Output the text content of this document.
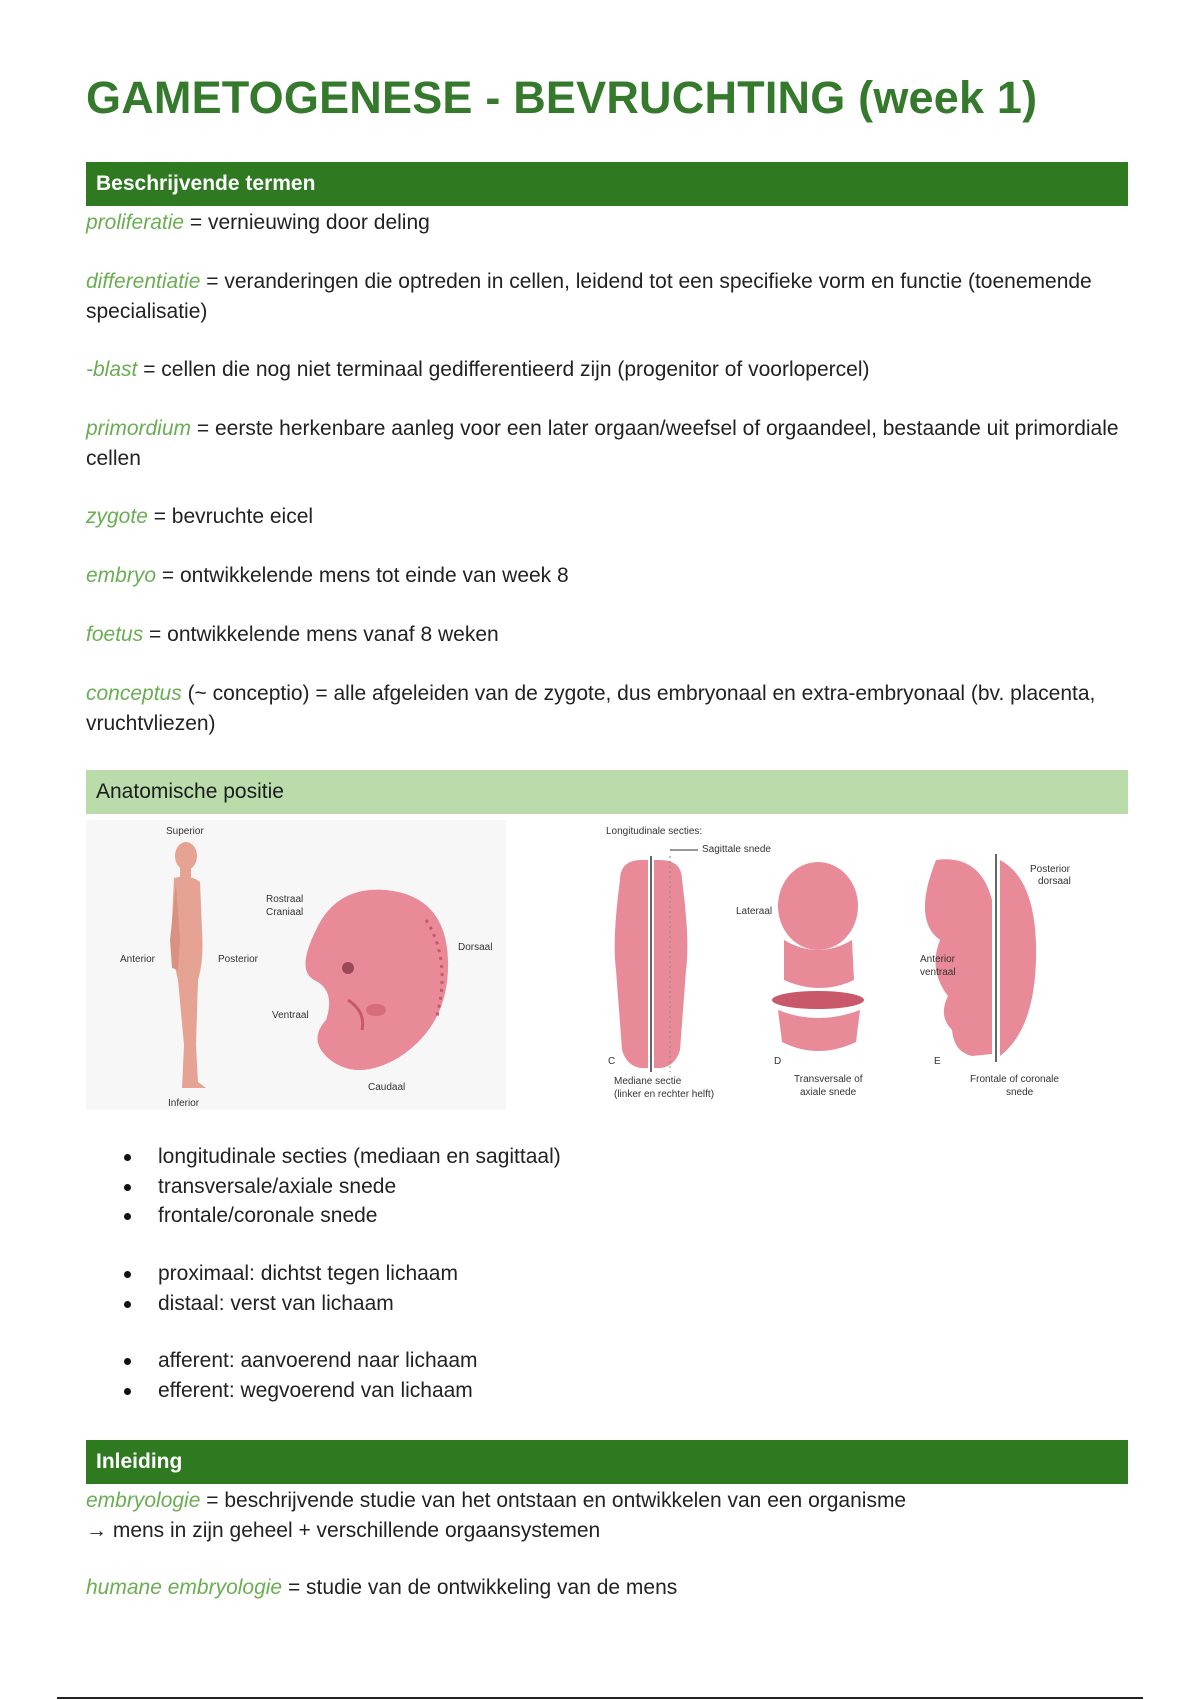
GAMETOGENESE - BEVRUCHTING (week 1)
Beschrijvende termen

proliferatie = vernieuwing door deling

differentiatie = veranderingen die optreden in cellen, leidend tot een specifieke vorm en functie (toenemende specialisatie)

-blast = cellen die nog niet terminaal gedifferentieerd zijn (progenitor of voorlopercel)

primordium = eerste herkenbare aanleg voor een later orgaan/weefsel of orgaandeel, bestaande uit primordiale cellen

zygote = bevruchte eicel

embryo = ontwikkelende mens tot einde van week 8

foetus = ontwikkelende mens vanaf 8 weken

conceptus (~ conceptio) = alle afgeleiden van de zygote, dus embryonaal en extra-embryonaal (bv. placenta, vruchtvliezen)

Anatomische positie
Superior
Inferior
Anterior	Posterior
Rostraal
Craniaal
Dorsaal
Ventraal
Caudaal
Longitudinale secties:
Sagittale snede
C
Mediane sectie
(linker en rechter helft)
Lateraal
D
Transversale of
axiale snede
Posterior
dorsaal
Anterior
ventraal
E
Frontale of coronale
snede
longitudinale secties (mediaan en sagittaal)
transversale/axiale snede
frontale/coronale snede
proximaal: dichtst tegen lichaam
distaal: verst van lichaam
afferent: aanvoerend naar lichaam
efferent: wegvoerend van lichaam
Inleiding

embryologie = beschrijvende studie van het ontstaan en ontwikkelen van een organisme
→ mens in zijn geheel + verschillende orgaansystemen

humane embryologie = studie van de ontwikkeling van de mens
